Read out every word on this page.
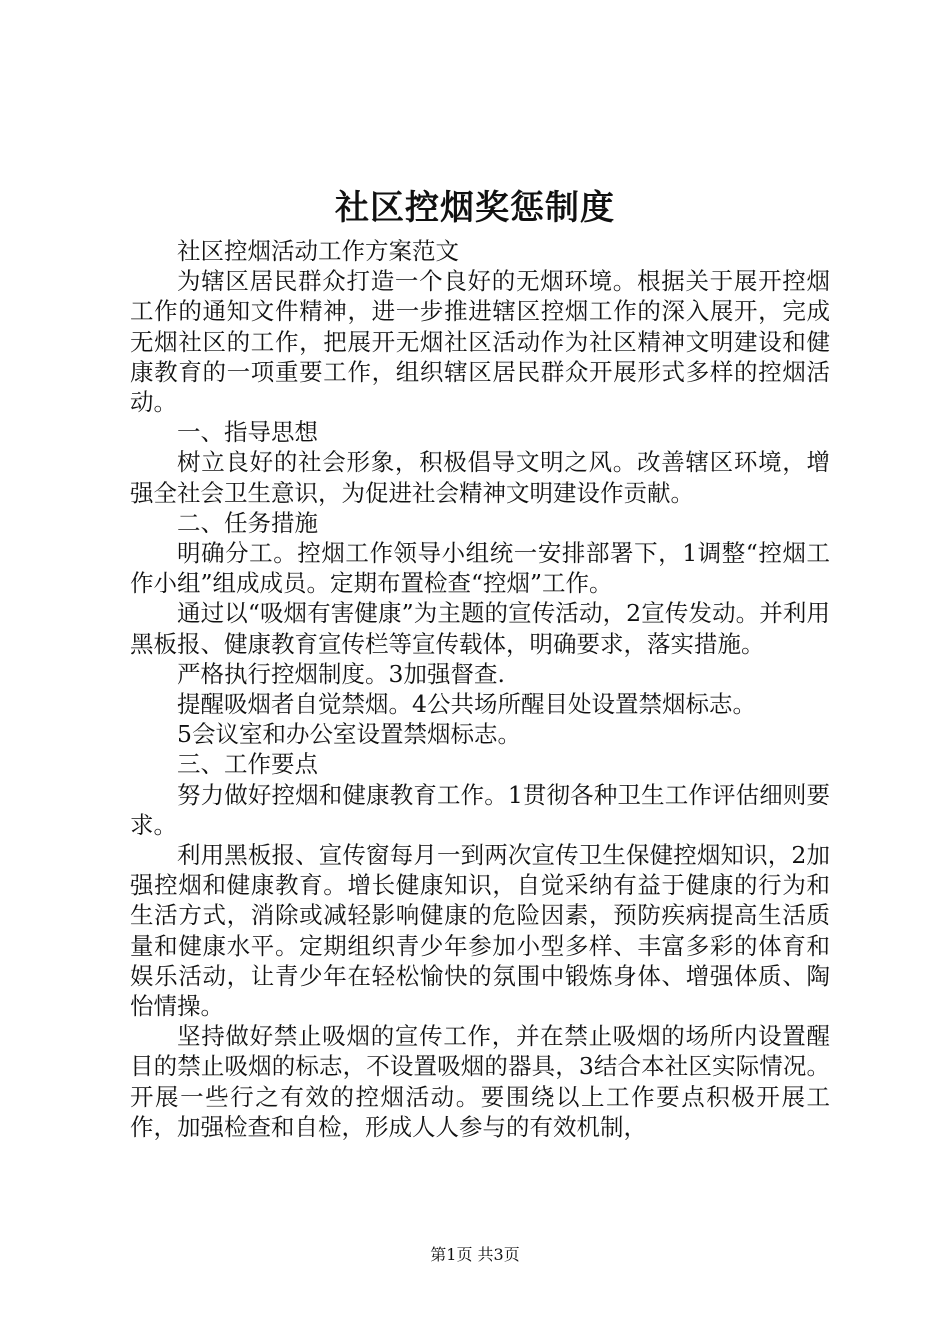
社区控烟奖惩制度

社区控烟活动工作方案范文

为辖区居民群众打造一个良好的无烟环境。根据关于展开控烟工作的通知文件精神，进一步推进辖区控烟工作的深入展开，完成无烟社区的工作，把展开无烟社区活动作为社区精神文明建设和健康教育的一项重要工作，组织辖区居民群众开展形式多样的控烟活动。

一、指导思想

树立良好的社会形象，积极倡导文明之风。改善辖区环境，增强全社会卫生意识，为促进社会精神文明建设作贡献。

二、任务措施

明确分工。控烟工作领导小组统一安排部署下，1调整“控烟工作小组”组成成员。定期布置检查“控烟”工作。

通过以“吸烟有害健康”为主题的宣传活动，2宣传发动。并利用黑板报、健康教育宣传栏等宣传载体，明确要求，落实措施。

严格执行控烟制度。3加强督查.

提醒吸烟者自觉禁烟。4公共场所醒目处设置禁烟标志。

5会议室和办公室设置禁烟标志。

三、工作要点

努力做好控烟和健康教育工作。1贯彻各种卫生工作评估细则要求。

利用黑板报、宣传窗每月一到两次宣传卫生保健控烟知识，2加强控烟和健康教育。增长健康知识，自觉采纳有益于健康的行为和生活方式，消除或减轻影响健康的危险因素，预防疾病提高生活质量和健康水平。定期组织青少年参加小型多样、丰富多彩的体育和娱乐活动，让青少年在轻松愉快的氛围中锻炼身体、增强体质、陶怡情操。

坚持做好禁止吸烟的宣传工作，并在禁止吸烟的场所内设置醒目的禁止吸烟的标志，不设置吸烟的器具，3结合本社区实际情况。开展一些行之有效的控烟活动。要围绕以上工作要点积极开展工作，加强检查和自检，形成人人参与的有效机制，

第1页 共3页
